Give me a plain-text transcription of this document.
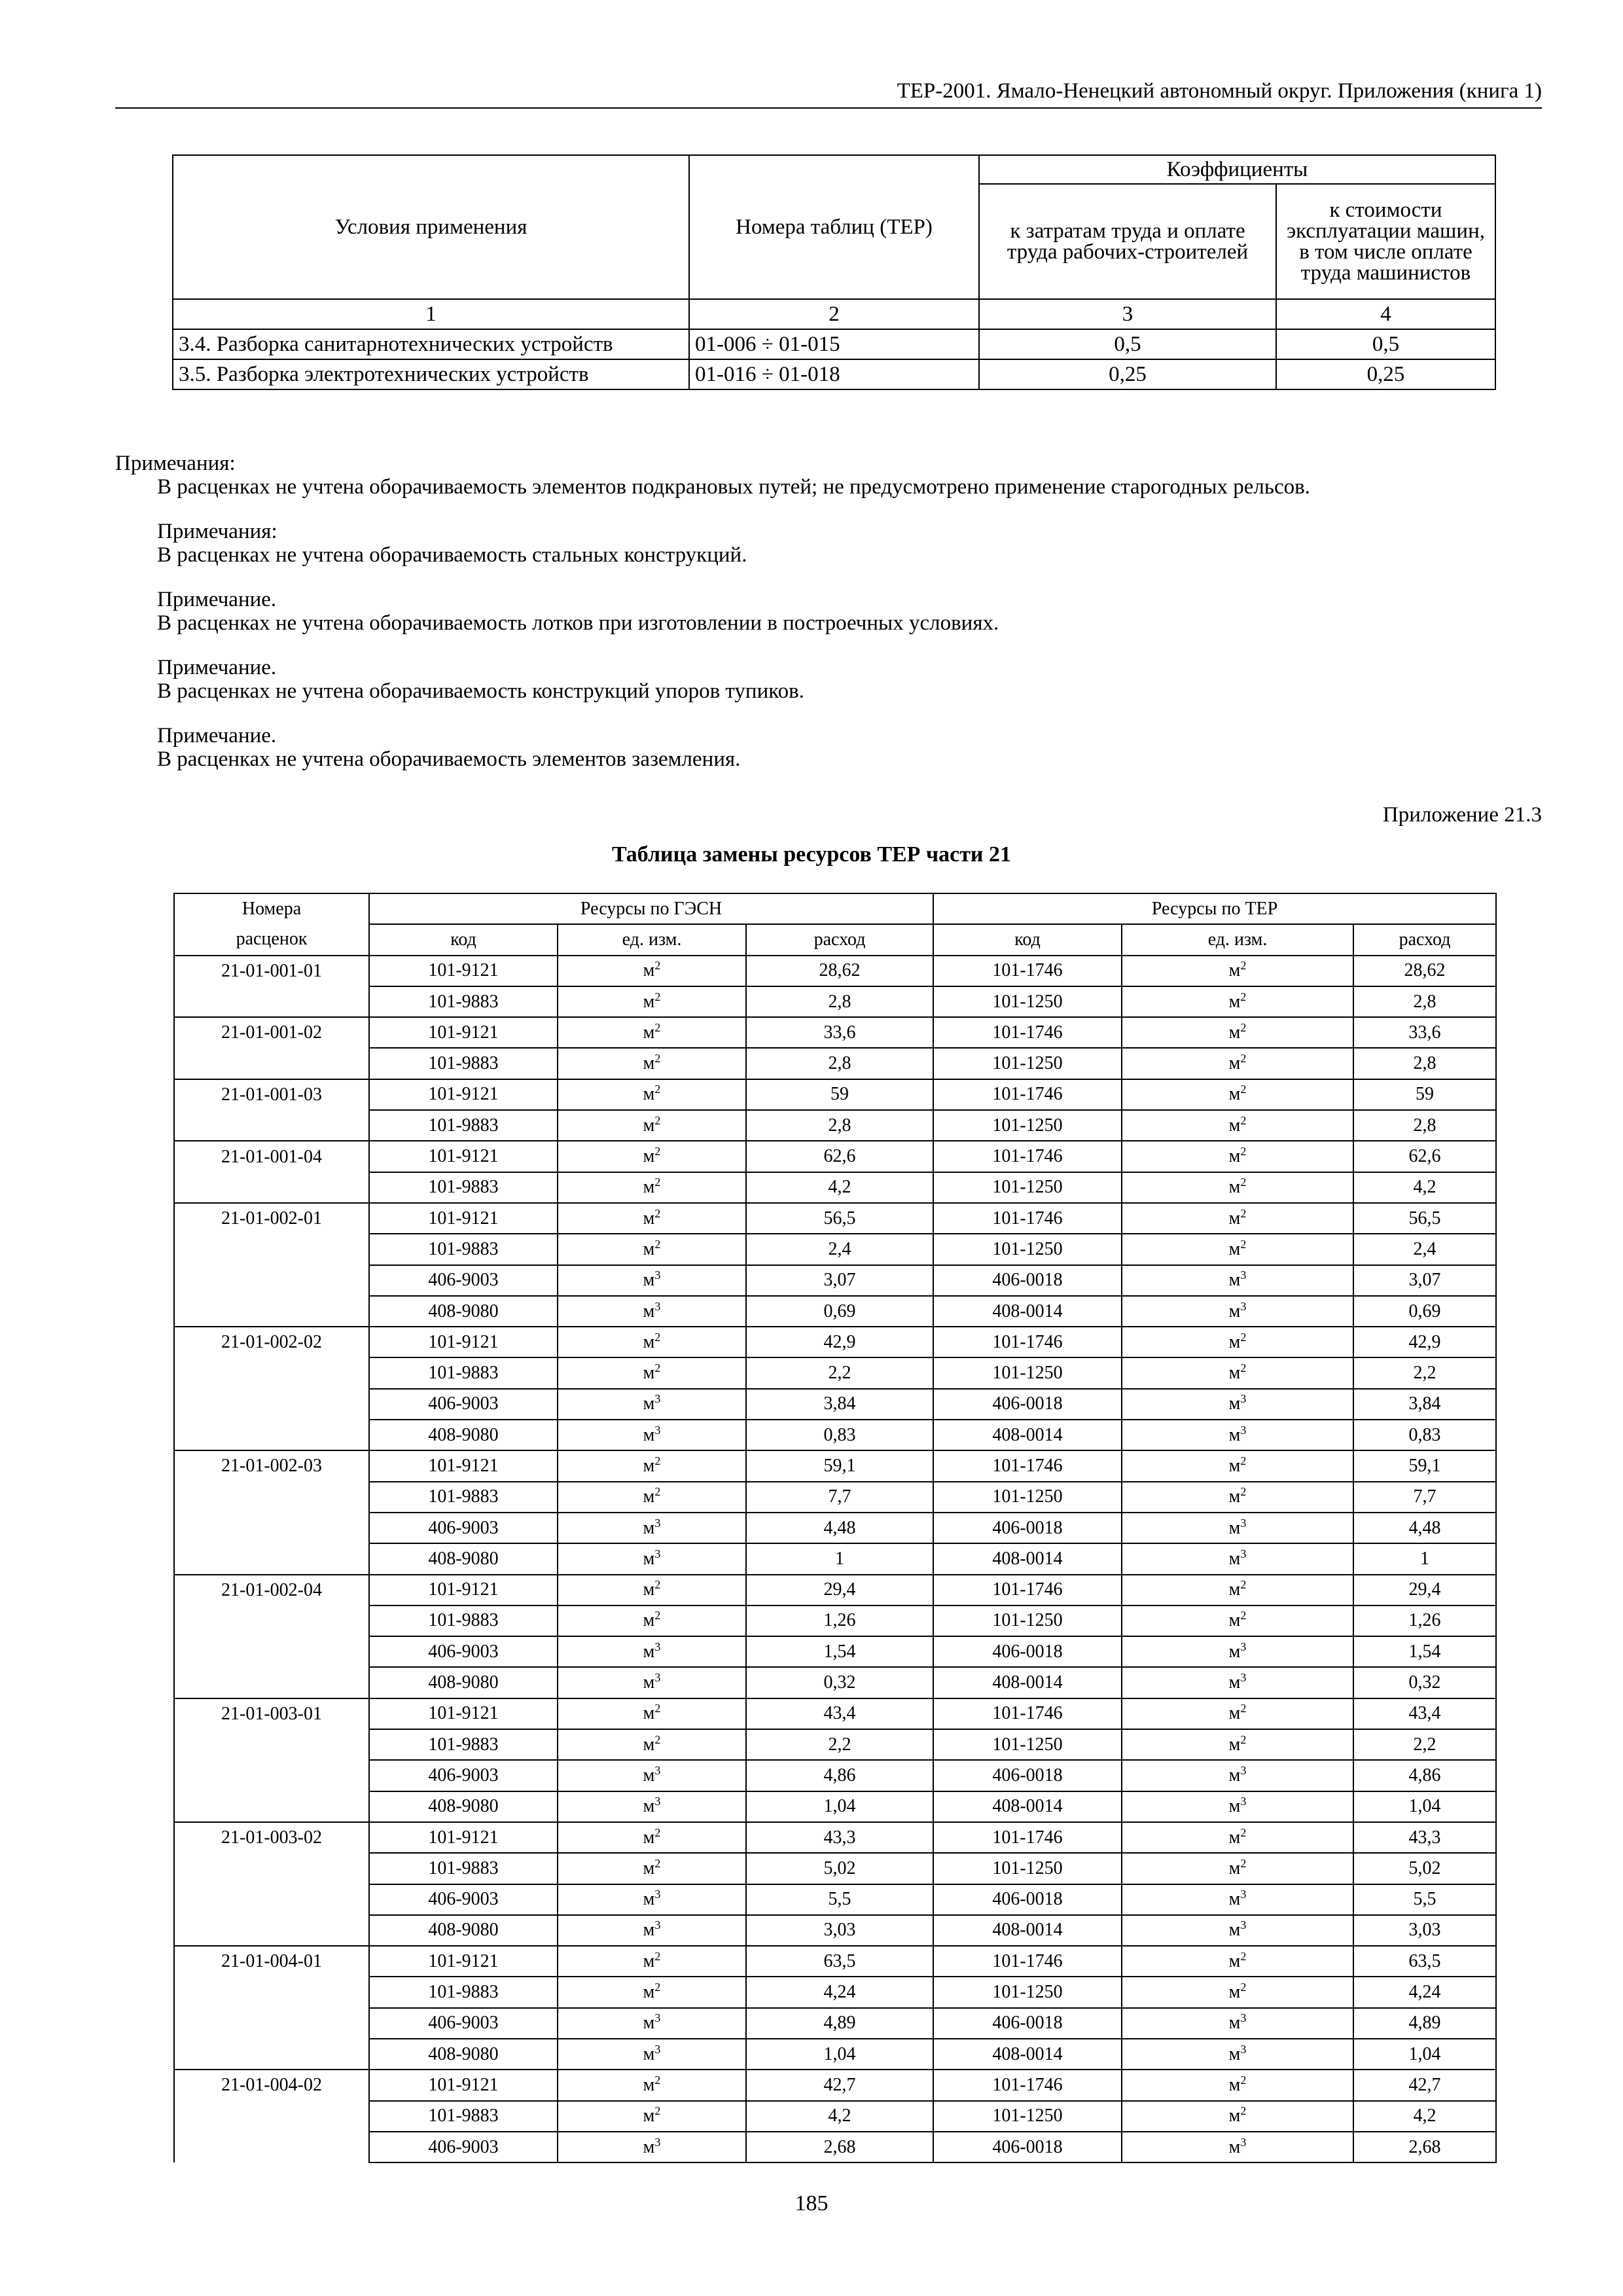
ТЕР-2001. Ямало-Ненецкий автономный округ. Приложения (книга 1)
Условия применения	Номера таблиц (ТЕР)	Коэффициенты	
		к затратам труда и оплате труда рабочих-строителей	к стоимости эксплуатации машин, в том числе оплате труда машинистов
1	2	3	4
3.4. Разборка санитарнотехнических устройств	01-006 ÷ 01-015	0,5	0,5
3.5. Разборка электротехнических устройств	01-016 ÷ 01-018	0,25	0,25
Примечания:
В расценках не учтена оборачиваемость элементов подкрановых путей; не предусмотрено применение старогодных рельсов.
Примечания:
В расценках не учтена оборачиваемость стальных конструкций.
Примечание.
В расценках не учтена оборачиваемость лотков при изготовлении в построечных условиях.
Примечание.
В расценках не учтена оборачиваемость конструкций упоров тупиков.
Примечание.
В расценках не учтена оборачиваемость элементов заземления.
Приложение 21.3
Таблица замены ресурсов ТЕР части 21
Номера	Ресурсы по ГЭСН			Ресурсы по ТЕР		
расценок	код	ед. изм.	расход	код	ед. изм.	расход
21-01-001-01	101-9121	$м^2$	28,62	101-1746	$м^2$	28,62
	101-9883	$м^2$	2,8	101-1250	$м^2$	2,8
21-01-001-02	101-9121	$м^2$	33,6	101-1746	$м^2$	33,6
	101-9883	$м^2$	2,8	101-1250	$м^2$	2,8
21-01-001-03	101-9121	$м^2$	59	101-1746	$м^2$	59
	101-9883	$м^2$	2,8	101-1250	$м^2$	2,8
21-01-001-04	101-9121	$м^2$	62,6	101-1746	$м^2$	62,6
	101-9883	$м^2$	4,2	101-1250	$м^2$	4,2
21-01-002-01	101-9121	$м^2$	56,5	101-1746	$м^2$	56,5
	101-9883	$м^2$	2,4	101-1250	$м^2$	2,4
	406-9003	$м^3$	3,07	406-0018	$м^3$	3,07
	408-9080	$м^3$	0,69	408-0014	$м^3$	0,69
21-01-002-02	101-9121	$м^2$	42,9	101-1746	$м^2$	42,9
	101-9883	$м^2$	2,2	101-1250	$м^2$	2,2
	406-9003	$м^3$	3,84	406-0018	$м^3$	3,84
	408-9080	$м^3$	0,83	408-0014	$м^3$	0,83
21-01-002-03	101-9121	$м^2$	59,1	101-1746	$м^2$	59,1
	101-9883	$м^2$	7,7	101-1250	$м^2$	7,7
	406-9003	$м^3$	4,48	406-0018	$м^3$	4,48
	408-9080	$м^3$	1	408-0014	$м^3$	1
21-01-002-04	101-9121	$м^2$	29,4	101-1746	$м^2$	29,4
	101-9883	$м^2$	1,26	101-1250	$м^2$	1,26
	406-9003	$м^3$	1,54	406-0018	$м^3$	1,54
	408-9080	$м^3$	0,32	408-0014	$м^3$	0,32
21-01-003-01	101-9121	$м^2$	43,4	101-1746	$м^2$	43,4
	101-9883	$м^2$	2,2	101-1250	$м^2$	2,2
	406-9003	$м^3$	4,86	406-0018	$м^3$	4,86
	408-9080	$м^3$	1,04	408-0014	$м^3$	1,04
21-01-003-02	101-9121	$м^2$	43,3	101-1746	$м^2$	43,3
	101-9883	$м^2$	5,02	101-1250	$м^2$	5,02
	406-9003	$м^3$	5,5	406-0018	$м^3$	5,5
	408-9080	$м^3$	3,03	408-0014	$м^3$	3,03
21-01-004-01	101-9121	$м^2$	63,5	101-1746	$м^2$	63,5
	101-9883	$м^2$	4,24	101-1250	$м^2$	4,24
	406-9003	$м^3$	4,89	406-0018	$м^3$	4,89
	408-9080	$м^3$	1,04	408-0014	$м^3$	1,04
21-01-004-02	101-9121	$м^2$	42,7	101-1746	$м^2$	42,7
	101-9883	$м^2$	4,2	101-1250	$м^2$	4,2
	406-9003	$м^3$	2,68	406-0018	$м^3$	2,68
185
